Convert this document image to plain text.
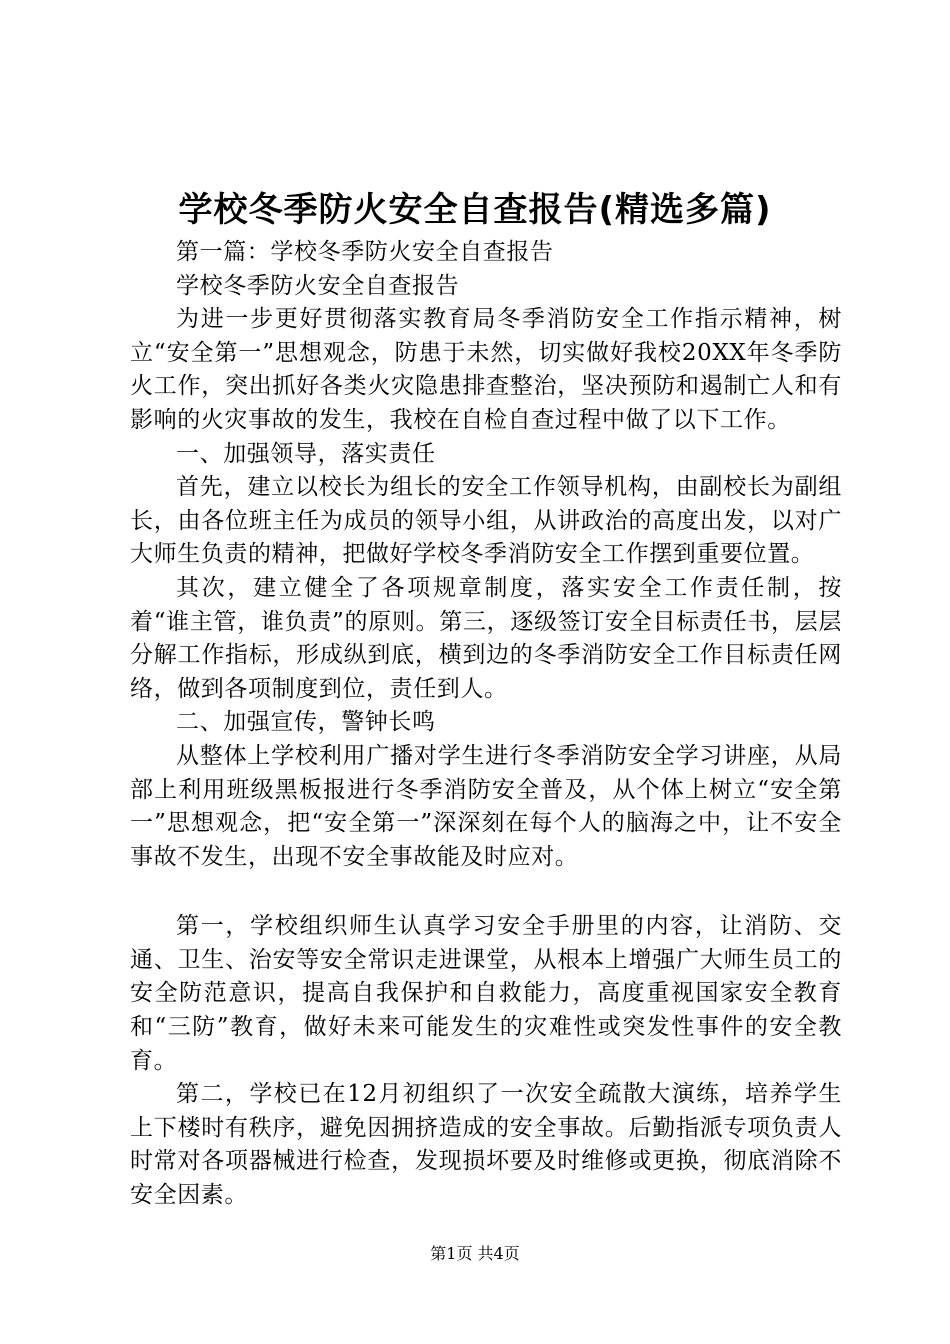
学校冬季防火安全自查报告(精选多篇)

第一篇：学校冬季防火安全自查报告

学校冬季防火安全自查报告

为进一步更好贯彻落实教育局冬季消防安全工作指示精神，树立“安全第一”思想观念，防患于未然，切实做好我校20XX年冬季防火工作，突出抓好各类火灾隐患排查整治，坚决预防和遏制亡人和有影响的火灾事故的发生，我校在自检自查过程中做了以下工作。

一、加强领导，落实责任

首先，建立以校长为组长的安全工作领导机构，由副校长为副组长，由各位班主任为成员的领导小组，从讲政治的高度出发，以对广大师生负责的精神，把做好学校冬季消防安全工作摆到重要位置。

其次，建立健全了各项规章制度，落实安全工作责任制，按着“谁主管，谁负责”的原则。第三，逐级签订安全目标责任书，层层分解工作指标，形成纵到底，横到边的冬季消防安全工作目标责任网络，做到各项制度到位，责任到人。

二、加强宣传，警钟长鸣

从整体上学校利用广播对学生进行冬季消防安全学习讲座，从局部上利用班级黑板报进行冬季消防安全普及，从个体上树立“安全第一”思想观念，把“安全第一”深深刻在每个人的脑海之中，让不安全事故不发生，出现不安全事故能及时应对。

第一，学校组织师生认真学习安全手册里的内容，让消防、交通、卫生、治安等安全常识走进课堂，从根本上增强广大师生员工的安全防范意识，提高自我保护和自救能力，高度重视国家安全教育和“三防”教育，做好未来可能发生的灾难性或突发性事件的安全教育。

第二，学校已在12月初组织了一次安全疏散大演练，培养学生上下楼时有秩序，避免因拥挤造成的安全事故。后勤指派专项负责人时常对各项器械进行检查，发现损坏要及时维修或更换，彻底消除不安全因素。

第1页 共4页
